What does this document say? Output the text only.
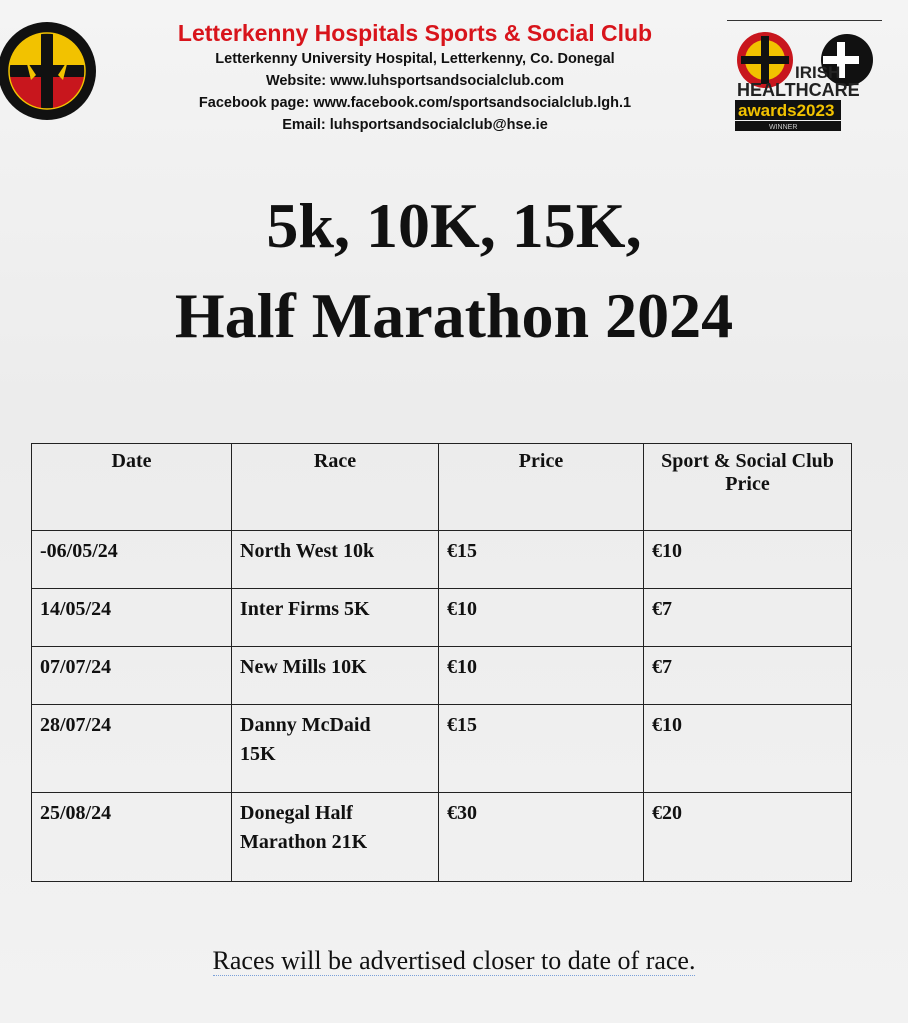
Letterkenny Hospitals Sports & Social Club
Letterkenny University Hospital, Letterkenny, Co. Donegal
Website: www.luhsportsandsocialclub.com
Facebook page: www.facebook.com/sportsandsocialclub.lgh.1
Email: luhsportsandsocialclub@hse.ie
IRISH
HEALTHCARE
awards2023
WINNER
5k, 10K, 15K,
Half Marathon 2024
Date	Race	Price	Sport & Social Club Price
-06/05/24	North West 10k	€15	€10
14/05/24	Inter Firms 5K	€10	€7
07/07/24	New Mills 10K	€10	€7
28/07/24	Danny McDaid 15K	€15	€10
25/08/24	Donegal Half Marathon 21K	€30	€20
Races will be advertised closer to date of race.
